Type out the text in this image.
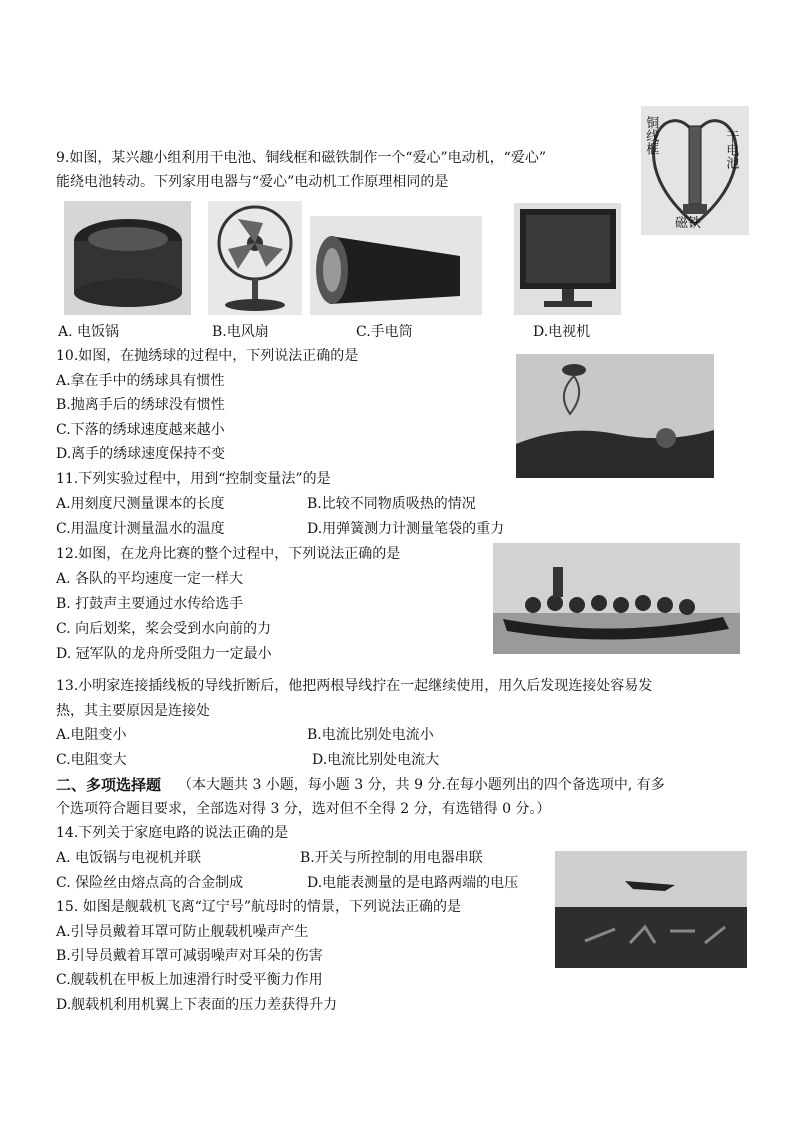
9.如图，某兴趣小组利用干电池、铜线框和磁铁制作一个“爱心”电动机，“爱心”
能绕电池转动。下列家用电器与“爱心”电动机工作原理相同的是
铜线框	干电池
磁铁
A. 电饭锅	B.电风扇	C.手电筒	D.电视机
10.如图，在抛绣球的过程中，下列说法正确的是
A.拿在手中的绣球具有惯性
B.抛离手后的绣球没有惯性
C.下落的绣球速度越来越小
D.离手的绣球速度保持不变
11.下列实验过程中，用到“控制变量法”的是
A.用刻度尺测量课本的长度	B.比较不同物质吸热的情况
C.用温度计测量温水的温度	D.用弹簧测力计测量笔袋的重力
12.如图，在龙舟比赛的整个过程中，下列说法正确的是
A. 各队的平均速度一定一样大
B. 打鼓声主要通过水传给选手
C. 向后划桨，桨会受到水向前的力
D. 冠军队的龙舟所受阻力一定最小
13.小明家连接插线板的导线折断后，他把两根导线拧在一起继续使用，用久后发现连接处容易发
热，其主要原因是连接处
A.电阻变小	B.电流比别处电流小
C.电阻变大	D.电流比别处电流大
二、多项选择题 （本大题共 3 小题，每小题 3 分，共 9 分.在每小题列出的四个备选项中, 有多
个选项符合题目要求，全部选对得 3 分，选对但不全得 2 分，有选错得 0 分。）
14.下列关于家庭电路的说法正确的是
A. 电饭锅与电视机并联	B.开关与所控制的用电器串联
C. 保险丝由熔点高的合金制成	D.电能表测量的是电路两端的电压
15. 如图是舰载机飞离“辽宁号”航母时的情景，下列说法正确的是
A.引导员戴着耳罩可防止舰载机噪声产生
B.引导员戴着耳罩可减弱噪声对耳朵的伤害
C.舰载机在甲板上加速滑行时受平衡力作用
D.舰载机利用机翼上下表面的压力差获得升力
